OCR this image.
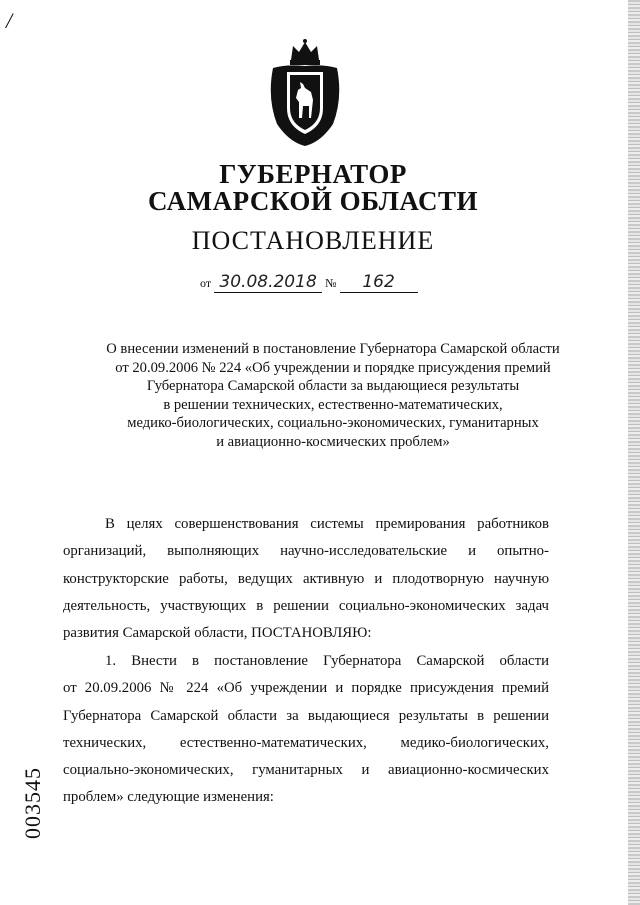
/
ГУБЕРНАТОР
САМАРСКОЙ ОБЛАСТИ
ПОСТАНОВЛЕНИЕ
от 30.08.2018 № 162
О внесении изменений в постановление Губернатора Самарской области
от 20.09.2006 № 224 «Об учреждении и порядке присуждения премий
Губернатора Самарской области за выдающиеся результаты
в решении технических, естественно-математических,
медико-биологических, социально-экономических, гуманитарных
и авиационно-космических проблем»
В целях совершенствования системы премирования работников
организаций, выполняющих научно-исследовательские и опытно-
конструкторские работы, ведущих активную и плодотворную научную
деятельность, участвующих в решении социально-экономических задач
развития Самарской области, ПОСТАНОВЛЯЮ:
1. Внести в постановление Губернатора Самарской области
от 20.09.2006 № 224 «Об учреждении и порядке присуждения премий
Губернатора Самарской области за выдающиеся результаты в решении
технических, естественно-математических, медико-биологических,
социально-экономических, гуманитарных и авиационно-космических
проблем» следующие изменения:
003545
